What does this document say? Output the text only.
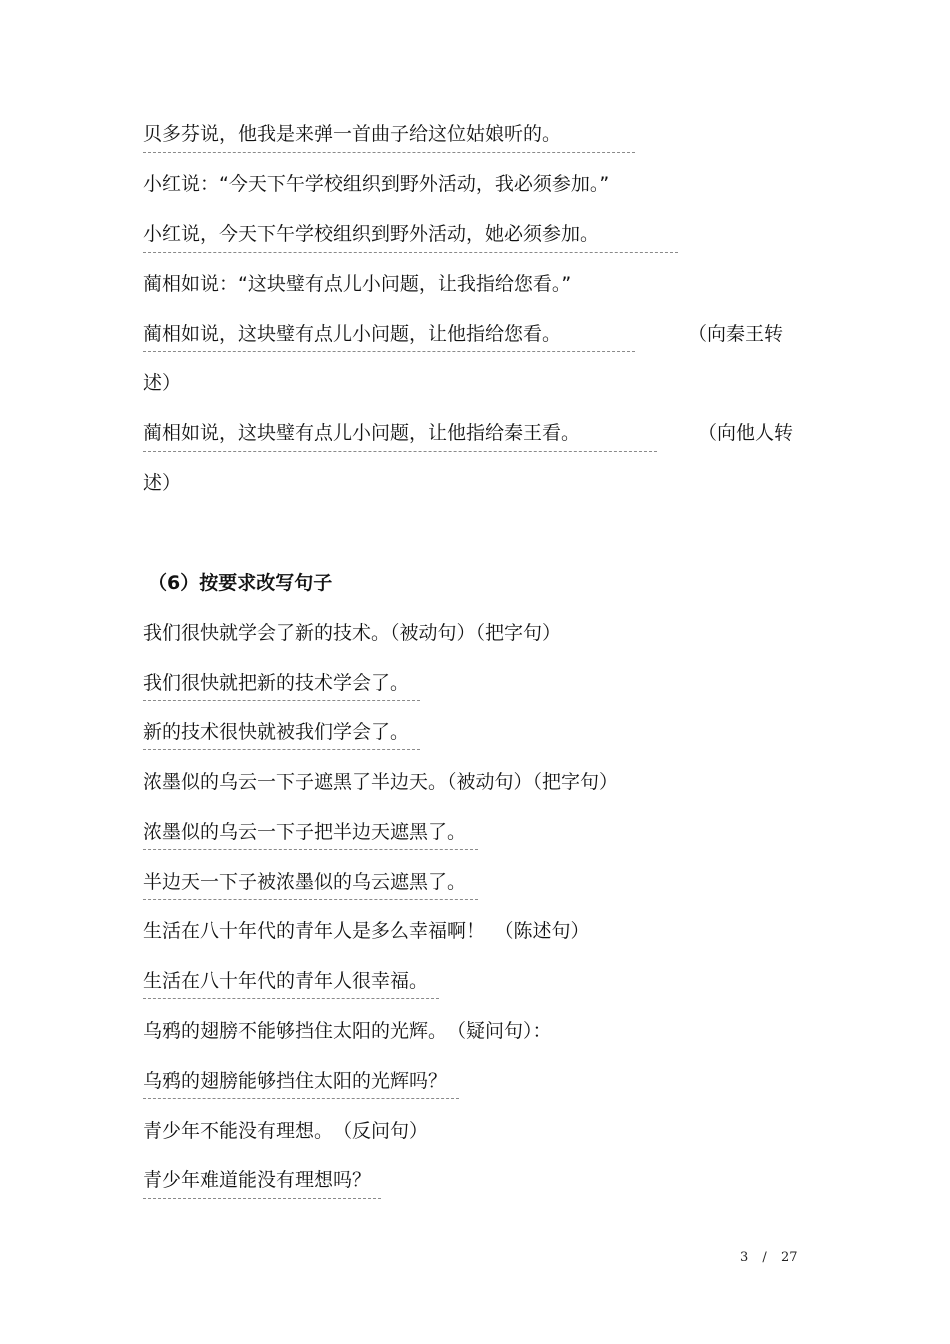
贝多芬说，他我是来弹一首曲子给这位姑娘听的。
小红说：“今天下午学校组织到野外活动，我必须参加。”
小红说，今天下午学校组织到野外活动，她必须参加。
蔺相如说：“这块璧有点儿小问题，让我指给您看。”
蔺相如说，这块璧有点儿小问题，让他指给您看。	（向秦王转
述）
蔺相如说，这块璧有点儿小问题，让他指给秦王看。	（向他人转
述）
（6）按要求改写句子
我们很快就学会了新的技术。（被动句）（把字句）
我们很快就把新的技术学会了。
新的技术很快就被我们学会了。
浓墨似的乌云一下子遮黑了半边天。（被动句）（把字句）
浓墨似的乌云一下子把半边天遮黑了。
半边天一下子被浓墨似的乌云遮黑了。
生活在八十年代的青年人是多么幸福啊！　（陈述句）
生活在八十年代的青年人很幸福。
乌鸦的翅膀不能够挡住太阳的光辉。　（疑问句）：
乌鸦的翅膀能够挡住太阳的光辉吗？
青少年不能没有理想。　（反问句）
青少年难道能没有理想吗？
3 / 27
